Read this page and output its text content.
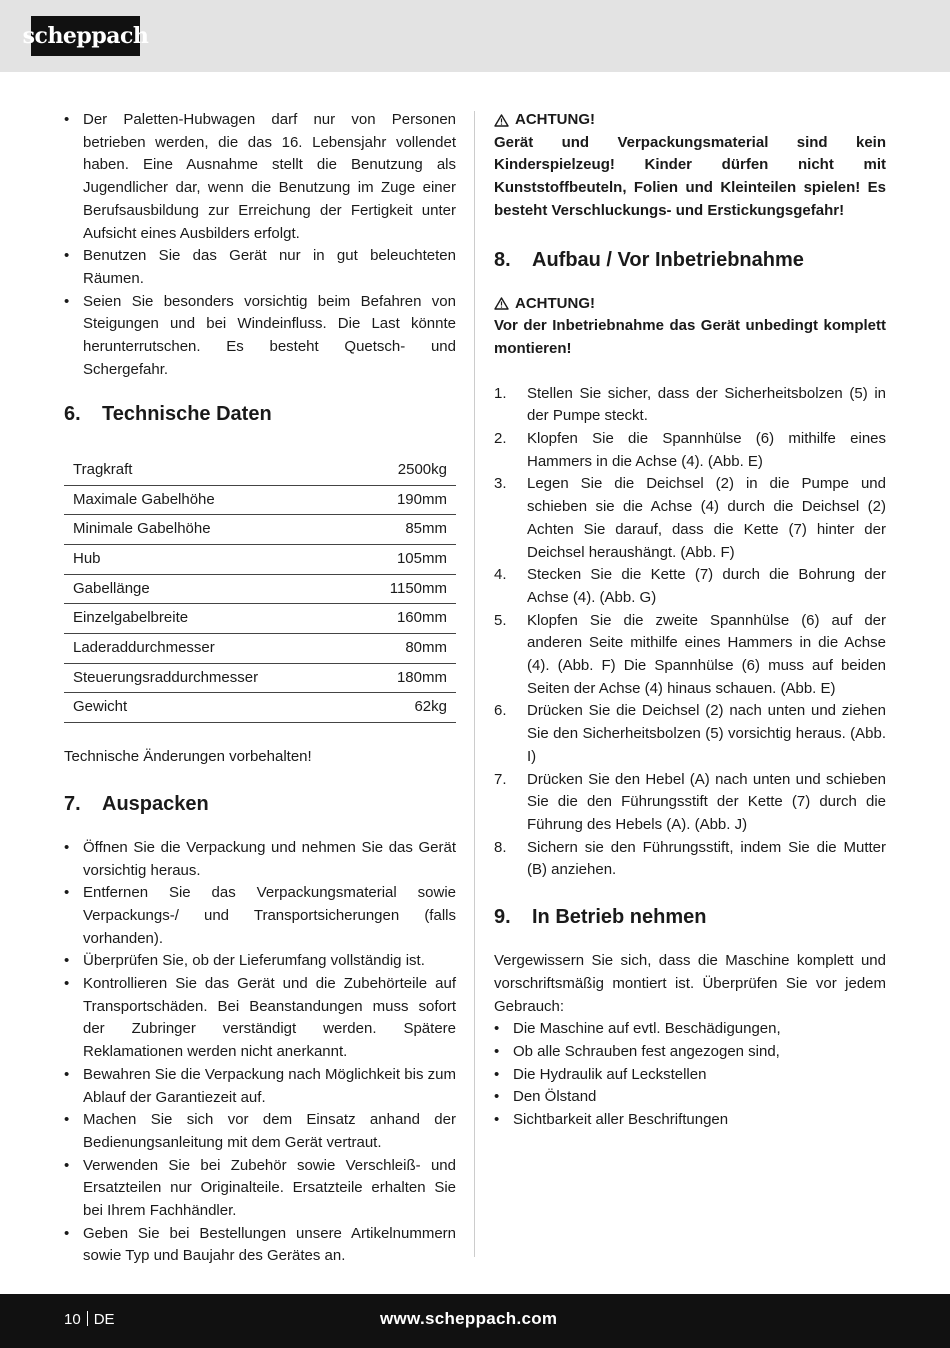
scheppach
• Der Paletten-Hubwagen darf nur von Personen betrieben werden, die das 16. Lebensjahr vollendet haben. Eine Ausnahme stellt die Benutzung als Jugendlicher dar, wenn die Benutzung im Zuge einer Berufsausbildung zur Erreichung der Fertigkeit unter Aufsicht eines Ausbilders erfolgt.
• Benutzen Sie das Gerät nur in gut beleuchteten Räumen.
• Seien Sie besonders vorsichtig beim Befahren von Steigungen und bei Windeinfluss. Die Last könnte herunterrutschen. Es besteht Quetsch- und Schergefahr.
6.	Technische Daten
Tragkraft	2500kg
Maximale Gabelhöhe	190mm
Minimale Gabelhöhe	85mm
Hub	105mm
Gabellänge	1150mm
Einzelgabelbreite	160mm
Laderaddurchmesser	80mm
Steuerungsraddurchmesser	180mm
Gewicht	62kg

Technische Änderungen vorbehalten!

7.	Auspacken
• Öffnen Sie die Verpackung und nehmen Sie das Gerät vorsichtig heraus.
• Entfernen Sie das Verpackungsmaterial sowie Verpackungs-/ und Transportsicherungen (falls vorhanden).
• Überprüfen Sie, ob der Lieferumfang vollständig ist.
• Kontrollieren Sie das Gerät und die Zubehörteile auf Transportschäden. Bei Beanstandungen muss sofort der Zubringer verständigt werden. Spätere Reklamationen werden nicht anerkannt.
• Bewahren Sie die Verpackung nach Möglichkeit bis zum Ablauf der Garantiezeit auf.
• Machen Sie sich vor dem Einsatz anhand der Bedienungsanleitung mit dem Gerät vertraut.
• Verwenden Sie bei Zubehör sowie Verschleiß- und Ersatzteilen nur Originalteile. Ersatzteile erhalten Sie bei Ihrem Fachhändler.
• Geben Sie bei Bestellungen unsere Artikelnummern sowie Typ und Baujahr des Gerätes an.
ACHTUNG!

Gerät und Verpackungsmaterial sind kein Kinderspielzeug! Kinder dürfen nicht mit Kunststoffbeuteln, Folien und Kleinteilen spielen! Es besteht Verschluckungs- und Erstickungsgefahr!

8.	Aufbau / Vor Inbetriebnahme
ACHTUNG!

Vor der Inbetriebnahme das Gerät unbedingt komplett montieren!

1. Stellen Sie sicher, dass der Sicherheitsbolzen (5) in der Pumpe steckt.
2. Klopfen Sie die Spannhülse (6) mithilfe eines Hammers in die Achse (4). (Abb. E)
3. Legen Sie die Deichsel (2) in die Pumpe und schieben sie die Achse (4) durch die Deichsel (2) Achten Sie darauf, dass die Kette (7) hinter der Deichsel heraushängt. (Abb. F)
4. Stecken Sie die Kette (7) durch die Bohrung der Achse (4). (Abb. G)
5. Klopfen Sie die zweite Spannhülse (6) auf der anderen Seite mithilfe eines Hammers in die Achse (4). (Abb. F) Die Spannhülse (6) muss auf beiden Seiten der Achse (4) hinaus schauen. (Abb. E)
6. Drücken Sie die Deichsel (2) nach unten und ziehen Sie den Sicherheitsbolzen (5) vorsichtig heraus. (Abb. I)
7. Drücken Sie den Hebel (A) nach unten und schieben Sie die den Führungsstift der Kette (7) durch die Führung des Hebels (A). (Abb. J)
8. Sichern sie den Führungsstift, indem Sie die Mutter (B) anziehen.
9.	In Betrieb nehmen

Vergewissern Sie sich, dass die Maschine komplett und vorschriftsmäßig montiert ist. Überprüfen Sie vor jedem Gebrauch:

• Die Maschine auf evtl. Beschädigungen,
• Ob alle Schrauben fest angezogen sind,
• Die Hydraulik auf Leckstellen
• Den Ölstand
• Sichtbarkeit aller Beschriftungen
10 DE	www.scheppach.com
